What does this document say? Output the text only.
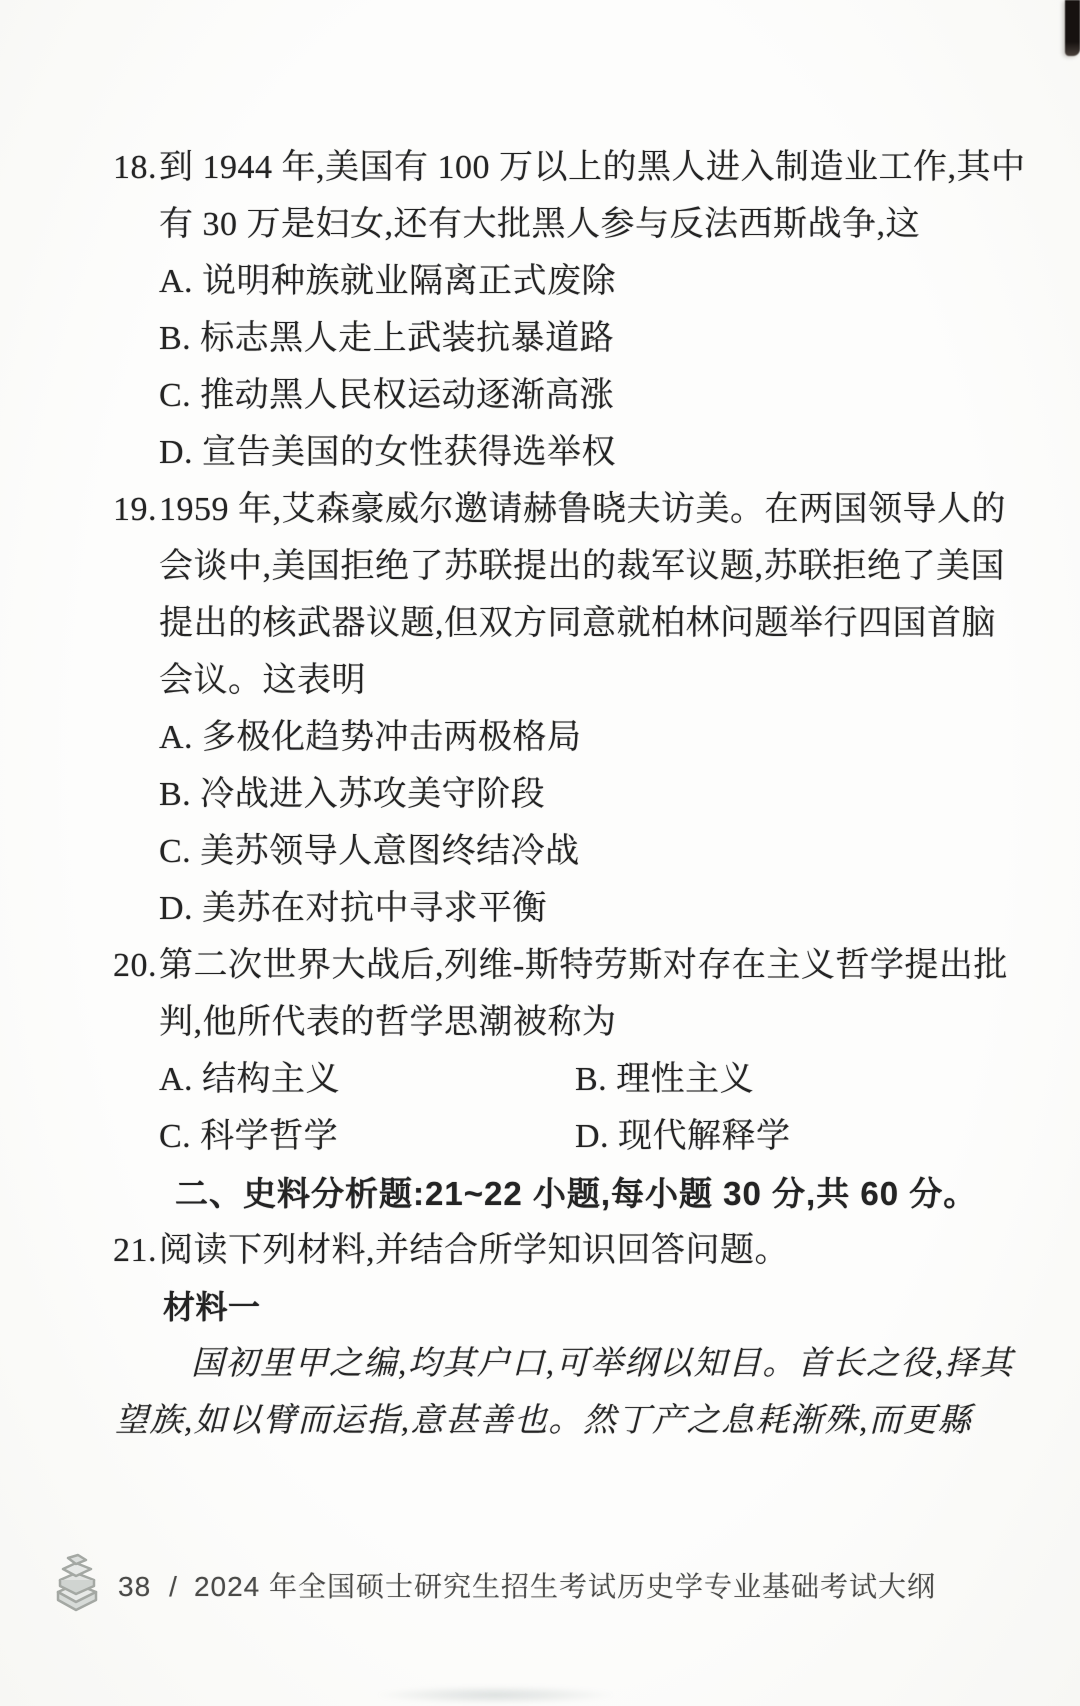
18. 到 1944 年,美国有 100 万以上的黑人进入制造业工作,其中
有 30 万是妇女,还有大批黑人参与反法西斯战争,这
A. 说明种族就业隔离正式废除
B. 标志黑人走上武装抗暴道路
C. 推动黑人民权运动逐渐高涨
D. 宣告美国的女性获得选举权
19. 1959 年,艾森豪威尔邀请赫鲁晓夫访美。在两国领导人的
会谈中,美国拒绝了苏联提出的裁军议题,苏联拒绝了美国
提出的核武器议题,但双方同意就柏林问题举行四国首脑
会议。这表明
A. 多极化趋势冲击两极格局
B. 冷战进入苏攻美守阶段
C. 美苏领导人意图终结冷战
D. 美苏在对抗中寻求平衡
20. 第二次世界大战后,列维-斯特劳斯对存在主义哲学提出批
判,他所代表的哲学思潮被称为
A. 结构主义	B. 理性主义
C. 科学哲学	D. 现代解释学
二、史料分析题:21~22 小题,每小题 30 分,共 60 分。
21. 阅读下列材料,并结合所学知识回答问题。
材料一
国初里甲之编,均其户口,可举纲以知目。首长之役,择其
望族,如以臂而运指,意甚善也。然丁产之息耗渐殊,而更縣
38 / 2024 年全国硕士研究生招生考试历史学专业基础考试大纲
